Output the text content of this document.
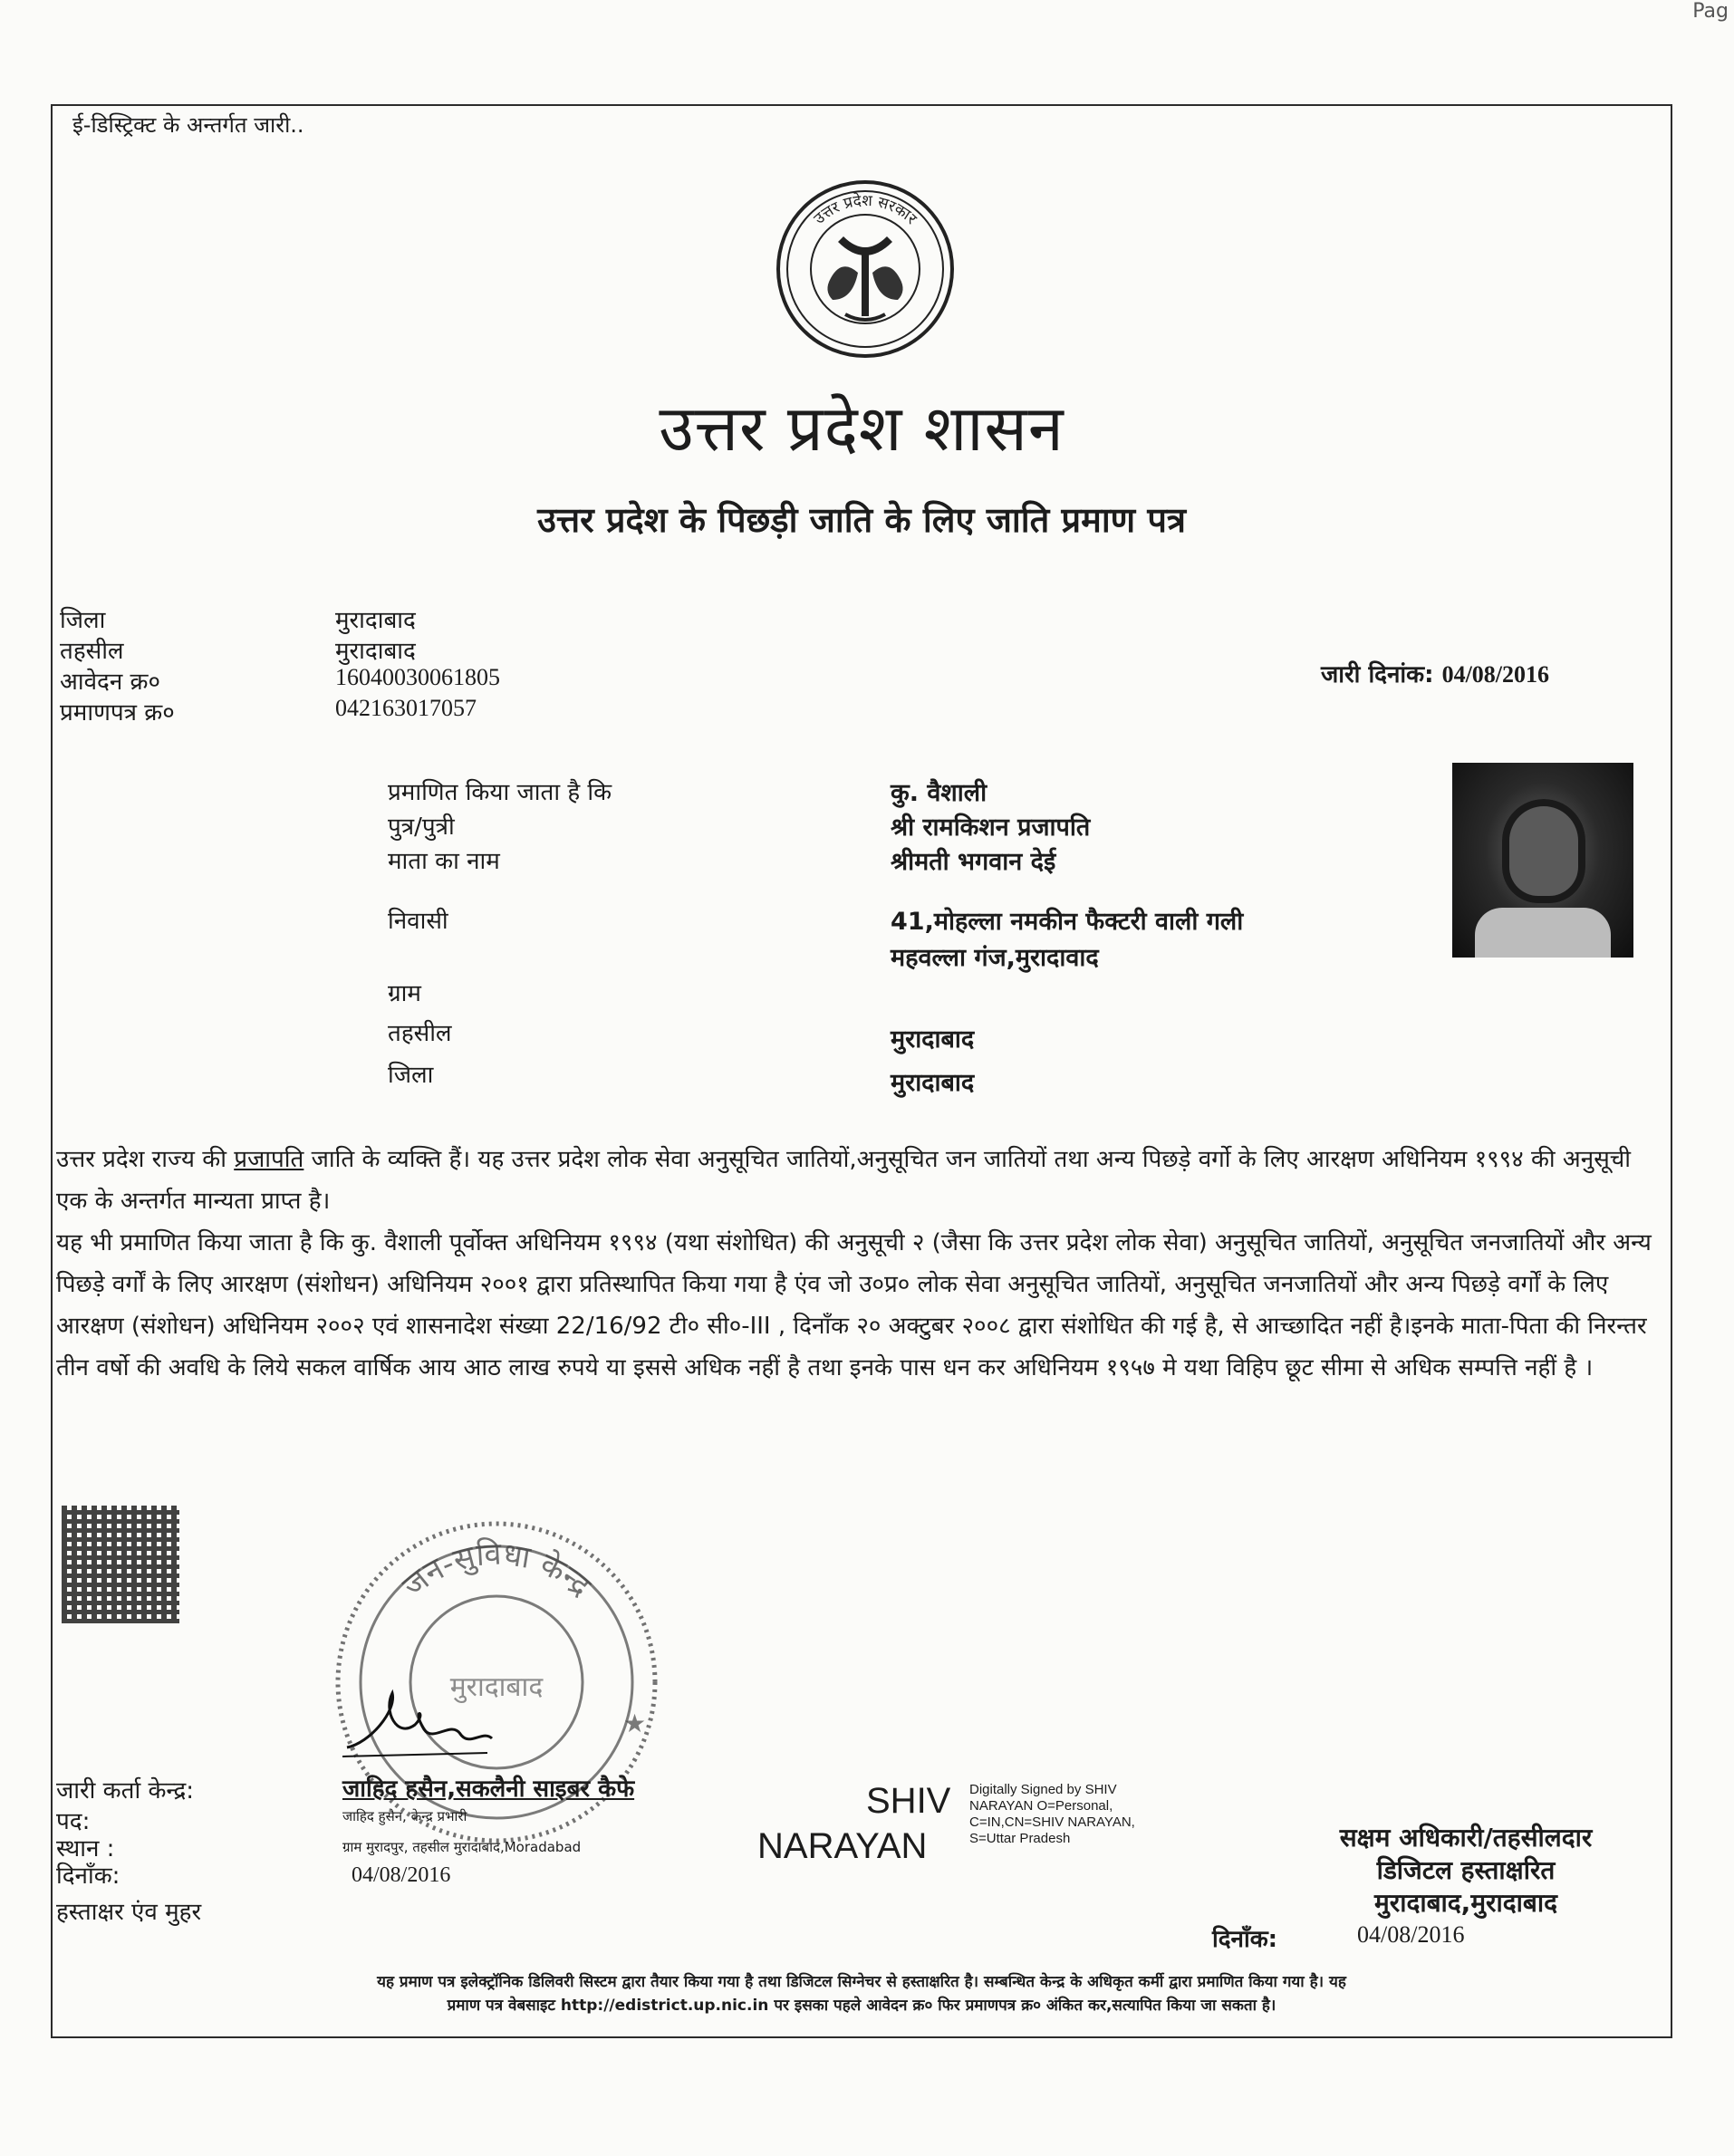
Pag
ई-डिस्ट्रिक्ट के अन्तर्गत जारी..
उत्तर प्रदेश सरकार
उत्तर प्रदेश शासन
उत्तर प्रदेश के पिछड़ी जाति के लिए जाति प्रमाण पत्र
जिला	मुरादाबाद
तहसील	मुरादाबाद
आवेदन क्र०	16040030061805
प्रमाणपत्र क्र०	042163017057
जारी दिनांक: 04/08/2016
प्रमाणित किया जाता है कि	कु. वैशाली
पुत्र/पुत्री	श्री रामकिशन प्रजापति
माता का नाम	श्रीमती भगवान देई
निवासी	41,मोहल्ला नमकीन फैक्टरी वाली गली
महवल्ला गंज,मुरादावाद
ग्राम
तहसील	मुरादाबाद
जिला	मुरादाबाद

उत्तर प्रदेश राज्य की प्रजापति जाति के व्यक्ति हैं। यह उत्तर प्रदेश लोक सेवा अनुसूचित जातियों,अनुसूचित जन जातियों तथा अन्य पिछड़े वर्गो के लिए आरक्षण अधिनियम १९९४ की अनुसूची एक के अन्तर्गत मान्यता प्राप्त है।

यह भी प्रमाणित किया जाता है कि कु. वैशाली पूर्वोक्त अधिनियम १९९४ (यथा संशोधित) की अनुसूची २ (जैसा कि उत्तर प्रदेश लोक सेवा) अनुसूचित जातियों, अनुसूचित जनजातियों और अन्य पिछड़े वर्गों के लिए आरक्षण (संशोधन) अधिनियम २००१ द्वारा प्रतिस्थापित किया गया है एंव जो उ०प्र० लोक सेवा अनुसूचित जातियों, अनुसूचित जनजातियों और अन्य पिछड़े वर्गों के लिए आरक्षण (संशोधन) अधिनियम २००२ एवं शासनादेश संख्या 22/16/92 टी० सी०-III , दिनाँक २० अक्टुबर २००८ द्वारा संशोधित की गई है, से आच्छादित नहीं है।इनके माता-पिता की निरन्तर तीन वर्षो की अवधि के लिये सकल वार्षिक आय आठ लाख रुपये या इससे अधिक नहीं है तथा इनके पास धन कर अधिनियम १९५७ मे यथा विहिप छूट सीमा से अधिक सम्पत्ति नहीं है ।

जन-सुविधा केन्द्र
मुरादाबाद
★
जारी कर्ता केन्द्र:	जाहिद हसैन,सकलैनी साइबर कैफे
पद:	जाहिद हुसैन, केन्द्र प्रभारी
स्थान :	ग्राम मुरादपुर, तहसील मुरादाबाद,Moradabad
दिनाँक:	04/08/2016
हस्ताक्षर एंव मुहर
SHIV
NARAYAN
Digitally Signed by SHIV
NARAYAN O=Personal,
C=IN,CN=SHIV NARAYAN,
S=Uttar Pradesh	सक्षम अधिकारी/तहसीलदार
डिजिटल हस्ताक्षरित
मुरादाबाद,मुरादाबाद
दिनाँक:	04/08/2016
यह प्रमाण पत्र इलेक्ट्रॉनिक डिलिवरी सिस्टम द्वारा तैयार किया गया है तथा डिजिटल सिग्नेचर से हस्ताक्षरित है। सम्बन्धित केन्द्र के अधिकृत कर्मी द्वारा प्रमाणित किया गया है। यह
प्रमाण पत्र वेबसाइट http://edistrict.up.nic.in पर इसका पहले आवेदन क्र० फिर प्रमाणपत्र क्र० अंकित कर,सत्यापित किया जा सकता है।
